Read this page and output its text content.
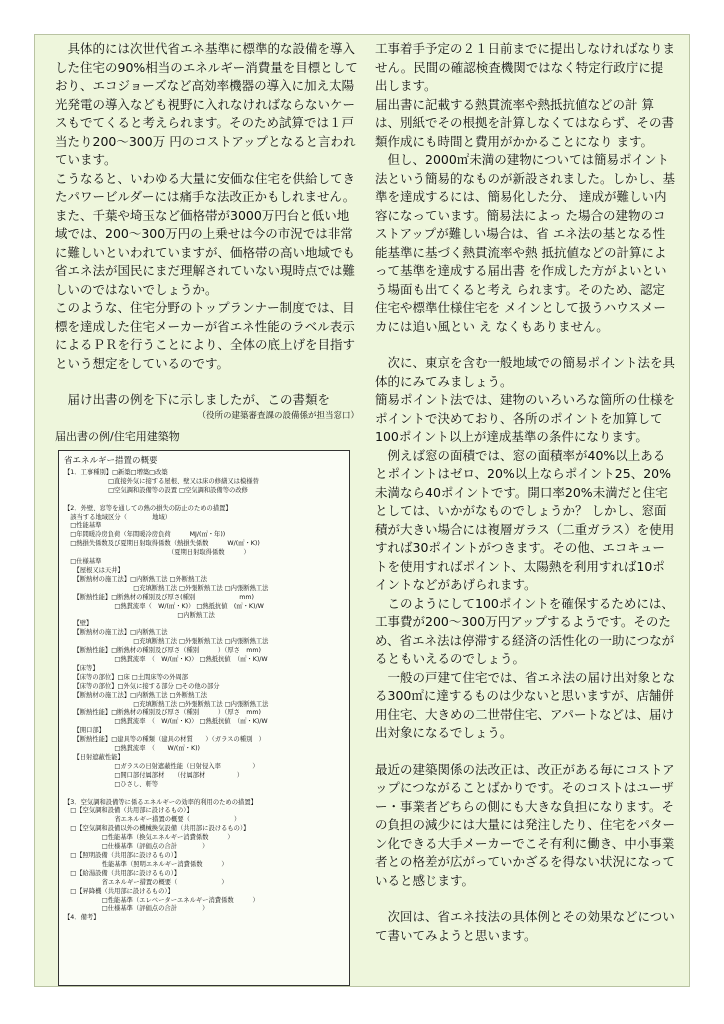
　具体的には次世代省エネ基準に標準的な設備を導入した住宅の90%相当のエネルギー消費量を目標としており、エコジョーズなど高効率機器の導入に加え太陽光発電の導入なども視野に入れなければならないケースもでてくると考えられます。そのため試算では１戸当たり200〜300万 円のコストアップとなると言われています。

こうなると、いわゆる大量に安価な住宅を供給してきたパワービルダーには痛手な法改正かもしれません。また、千葉や埼玉など価格帯が3000万円台と低い地域では、200〜300万円の上乗せは今の市況では非常に難しいといわれていますが、価格帯の高い地域でも省エネ法が国民にまだ理解されていない現時点では難しいのではないでしょうか。

このような、住宅分野のトップランナー制度では、目標を達成した住宅メーカーが省エネ性能のラベル表示によるＰＲを行うことにより、全体の底上げを目指すという想定をしているのです。

　届け出書の例を下に示しましたが、この書類を

（役所の建築審査課の設備係が担当窓口）

届出書の例/住宅用建築物

省エネルギー措置の概要

【1．工事種別】□新築□増築□改築

　　　　　　　□直接外気に接する屋根、壁又は床の修繕又は模様替

　　　　　　　□空気調和設備等の設置 □空気調和設備等の改修

【2．外壁、窓等を通しての熱の損失の防止のための措置】

　該当する地域区分（　　　　地域）

　□性能基準

　□年間暖冷房負荷（年間暖冷房負荷　　　MJ/(㎡・年))

　□熱損失係数及び夏期日射取得係数（熱損失係数　　　W/(㎡・K))

　　　　　　　　　　　　　　　　　（夏期日射取得係数　　　）

　□仕様基準

　　【屋根又は天井】

　　【断熱材の施工法】□内断熱工法 □外断熱工法

　　　　　　　　　　　□充填断熱工法 □外張断熱工法 □内張断熱工法

　　【断熱性能】□断熱材の種別及び厚さ(種別　　　　　　　mm)

　　　　　　　　□熱貫流率（　W/(㎡・K)） □熱抵抗値　(㎡・K)/W

　　　　　　　　　　　　　　　　　　□内断熱工法

　　【壁】

　　【断熱材の施工法】□内断熱工法

　　　　　　　　　　　□充填断熱工法 □外張断熱工法 □内張断熱工法

　　【断熱性能】□断熱材の種別及び厚さ（種別　　　）（厚さ　mm)

　　　　　　　　□熱貫流率　（　W/(㎡・K)） □熱抵抗値　（㎡・K)/W

　　【床等】

　　【床等の部位】□床 □土間床等の外周部

　　【床等の部位】□外気に接する部分 □その他の部分

　　【断熱材の施工法】□内断熱工法 □外断熱工法

　　　　　　　　　　　□充填断熱工法 □外張断熱工法 □内張断熱工法

　　【断熱性能】□断熱材の種別及び厚さ（種別　　　）（厚さ　mm)

　　　　　　　　□熱貫流率　（　W/(㎡・K)） □熱抵抗値　（㎡・K)/W

　　【開口部】

　　【断熱性能】□建具等の種類（建具の材質　　）（ガラスの種別　）

　　　　　　　　□熱貫流率　（　　W/(㎡・K))

　　【日射遮蔽性能】

　　　　　　　　□ガラスの日射遮蔽性能（日射侵入率　　　　　）

　　　　　　　　□開口部付属部材　　（付属部材　　　　　）

　　　　　　　　□ひさし、軒等

【3．空気調和設備等に係るエネルギーの効率的利用のための措置】

　□【空気調和設備（共用部に設けるもの）】

　　　　　　　　省エネルギー措置の概要（　　　　　　　）

　□【空気調和設備以外の機械換気設備（共用部に設けるもの）】

　　　　　　□性能基準（換気エネルギー消費係数　　　）

　　　　　　□仕様基準（評価点の合計　　　　）

　□【照明設備（共用部に設けるもの）】

　　　　　　性能基準（照明エネルギー消費係数　　　）

　□【給湯設備（共用部に設けるもの）】

　　　　　　省エネルギー措置の概要（　　　　　　　）

　□【昇降機（共用部に設けるもの）】

　　　　　　□性能基準（エレベーターエネルギー消費係数　　　）

　　　　　　□仕様基準（評価点の合計　　　　）

【4．備考】

工事着手予定の２１日前までに提出しなければなりません。民間の確認検査機関ではなく特定行政庁に提出します。

届出書に記載する熱貫流率や熱抵抗値などの計 算は、別紙でその根拠を計算しなくてはならず、その書類作成にも時間と費用がかかることになり ます。

　但し、2000㎡未満の建物については簡易ポイント法という簡易的なものが新設されました。しかし、基準を達成するには、簡易化した分、 達成が難しい内容になっています。簡易法によっ た場合の建物のコストアップが難しい場合は、省 エネ法の基となる性能基準に基づく熱貫流率や熱 抵抗値などの計算によって基準を達成する届出書 を作成した方がよいという場面も出てくると考え られます。そのため、認定住宅や標準仕様住宅を メインとして扱うハウスメーカには追い風とい え なくもありません。

　次に、東京を含む一般地域での簡易ポイント法を具体的にみてみましょう。

簡易ポイント法では、建物のいろいろな箇所の仕様をポイントで決めており、各所のポイントを加算して100ポイント以上が達成基準の条件になります。

　例えば窓の面積では、窓の面積率が40%以上あるとポイントはゼロ、20%以上ならポイント25、20%未満なら40ポイントです。開口率20%未満だと住宅としては、いかがなものでしょうか？ しかし、窓面積が大きい場合には複層ガラス（二重ガラス）を使用すれば30ポイントがつきます。その他、エコキュートを使用すればポイント、太陽熱を利用すれば10ポイントなどがあげられます。

　このようにして100ポイントを確保するためには、工事費が200〜300万円アップするようです。そのため、省エネ法は停滞する経済の活性化の一助につながるともいえるのでしょう。

　一般の戸建て住宅では、省エネ法の届け出対象となる300㎡に達するものは少ないと思いますが、店舗併用住宅、大きめの二世帯住宅、アパートなどは、届け出対象になるでしょう。

最近の建築関係の法改正は、改正がある毎にコストアップにつながることばかりです。そのコストはユーザー・事業者どちらの側にも大きな負担になります。その負担の減少には大量には発注したり、住宅をパターン化できる大手メーカーでこそ有利に働き、中小事業者との格差が広がっていかざるを得ない状況になっていると感じます。

　次回は、省エネ技法の具体例とその効果などについて書いてみようと思います。
